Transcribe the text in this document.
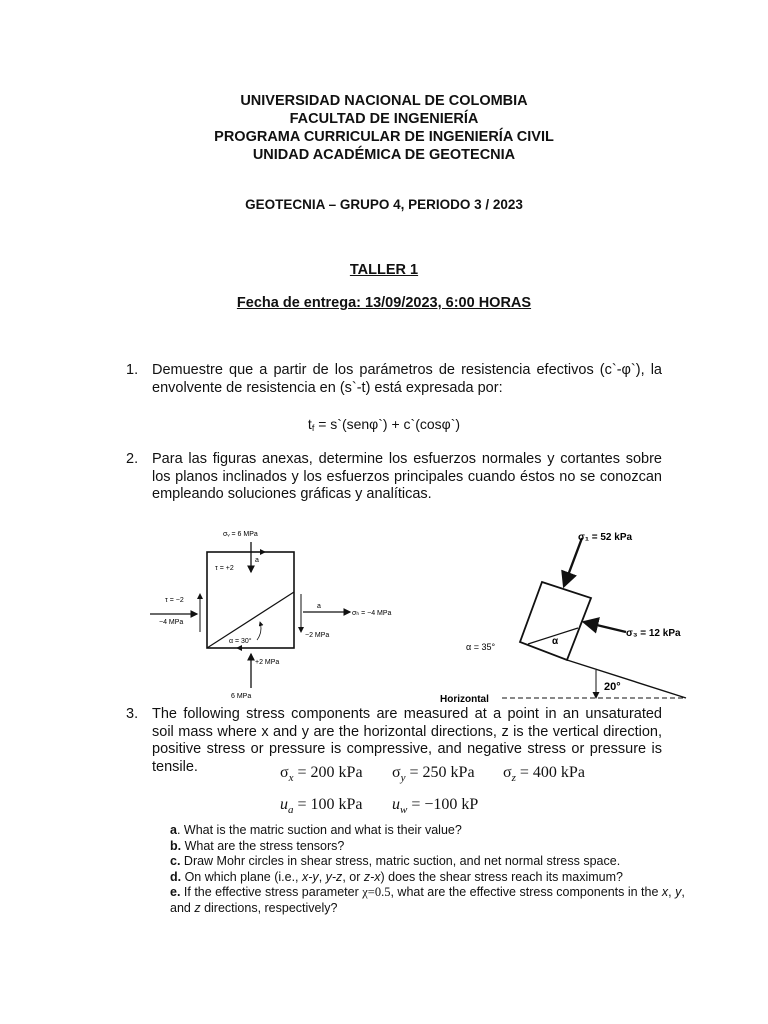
UNIVERSIDAD NACIONAL DE COLOMBIA
FACULTAD DE INGENIERÍA
PROGRAMA CURRICULAR DE INGENIERÍA CIVIL
UNIDAD ACADÉMICA DE GEOTECNIA
GEOTECNIA – GRUPO 4, PERIODO 3 / 2023
TALLER 1
Fecha de entrega: 13/09/2023, 6:00 HORAS
1. Demuestre que a partir de los parámetros de resistencia efectivos (c`-φ`), la envolvente de resistencia en (s`-t) está expresada por:
$t_f$ = s`(senφ`) + c`(cosφ`)
2. Para las figuras anexas, determine los esfuerzos normales y cortantes sobre los planos inclinados y los esfuerzos principales cuando éstos no se conozcan empleando soluciones gráficas y analíticas.
σᵥ = 6 MPa
τ = +2
a
τ = −2
−4 MPa
σₕ = −4 MPa
a
−2 MPa
α = 30°
+2 MPa
6 MPa
σ₁ = 52 kPa
σ₃ = 12 kPa
α
α = 35°
Horizontal
20°
3. The following stress components are measured at a point in an unsaturated soil mass where x and y are the horizontal directions, z is the vertical direction, positive stress or pressure is compressive, and negative stress or pressure is tensile.	$\sigma_x = 200$ kPa $\sigma_y = 250$ kPa $\sigma_z = 400$ kPa
$u_a = 100$ kPa $u_w = -100$ kP
a. What is the matric suction and what is their value?
b. What are the stress tensors?
c. Draw Mohr circles in shear stress, matric suction, and net normal stress space.
d. On which plane (i.e., x-y, y-z, or z-x) does the shear stress reach its maximum?
e. If the effective stress parameter χ=0.5, what are the effective stress components in the x, y, and z directions, respectively?
